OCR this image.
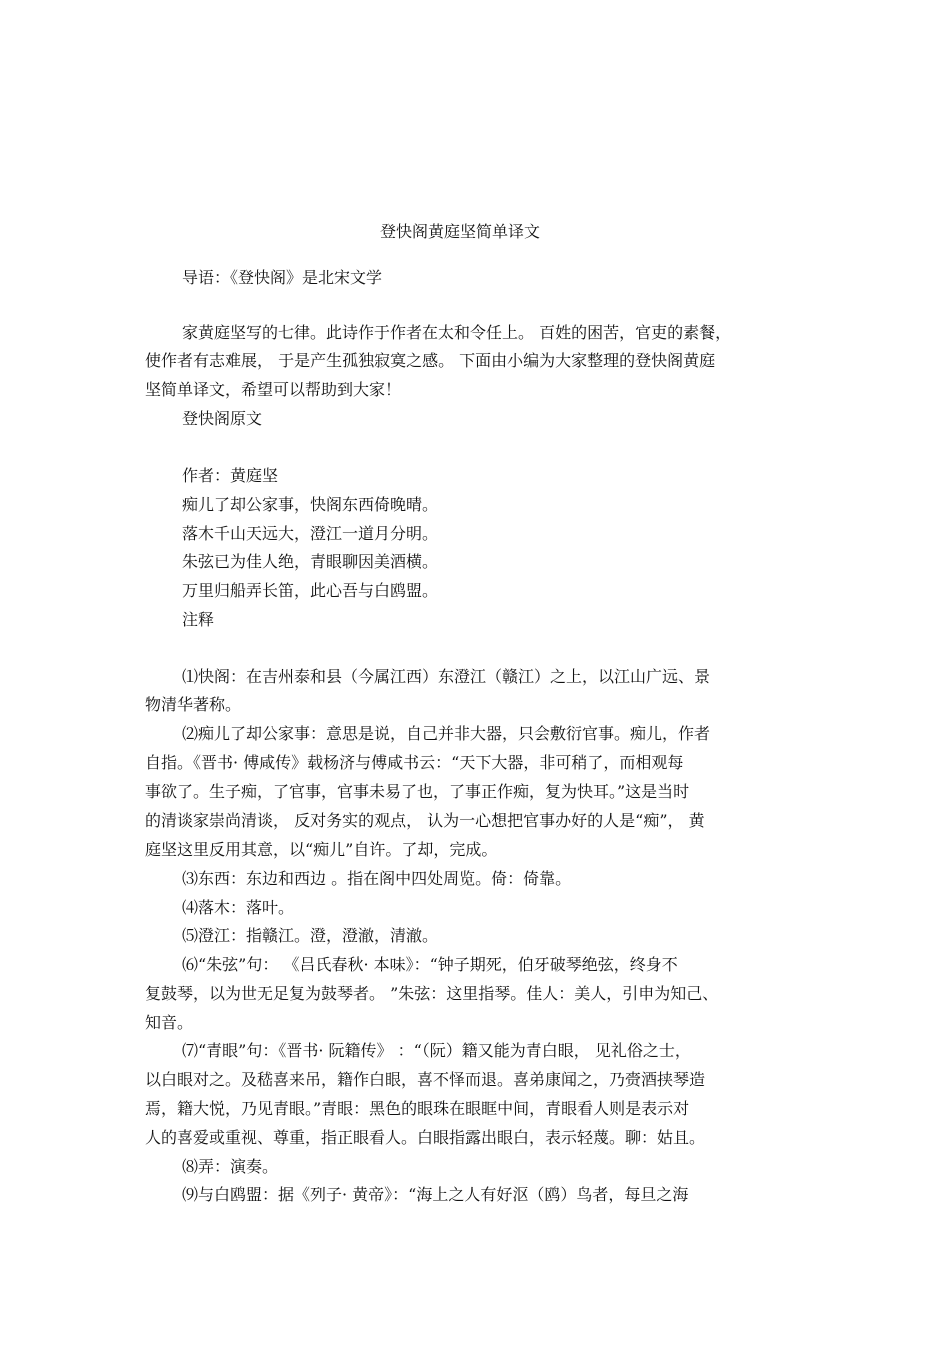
登快阁黄庭坚简单译文
导语：《登快阁》是北宋文学
家黄庭坚写的七律。此诗作于作者在太和令任上。 百姓的困苦，官吏的素餐，
使作者有志难展， 于是产生孤独寂寞之感。 下面由小编为大家整理的登快阁黄庭
坚简单译文，希望可以帮助到大家！
登快阁原文
作者：黄庭坚
痴儿了却公家事，快阁东西倚晚晴。
落木千山天远大，澄江一道月分明。
朱弦已为佳人绝，青眼聊因美酒横。
万里归船弄长笛，此心吾与白鸥盟。
注释
⑴快阁：在吉州泰和县（今属江西）东澄江（赣江）之上，以江山广远、景
物清华著称。
⑵痴儿了却公家事：意思是说，自己并非大器，只会敷衍官事。痴儿，作者
自指。《晋书· 傅咸传》载杨济与傅咸书云：“天下大器，非可稍了，而相观每
事欲了。生子痴，了官事，官事未易了也，了事正作痴，复为快耳。”这是当时
的清谈家崇尚清谈， 反对务实的观点， 认为一心想把官事办好的人是“痴”， 黄
庭坚这里反用其意，以“痴儿”自许。了却，完成。
⑶东西：东边和西边 。指在阁中四处周览。倚：倚靠。
⑷落木：落叶。
⑸澄江：指赣江。澄，澄澈，清澈。
⑹“朱弦”句： 《吕氏春秋· 本味》：“钟子期死，伯牙破琴绝弦，终身不
复鼓琴，以为世无足复为鼓琴者。 ”朱弦：这里指琴。佳人：美人，引申为知己、
知音。
⑺“青眼”句：《晋书· 阮籍传》 ：“（阮）籍又能为青白眼， 见礼俗之士，
以白眼对之。及嵇喜来吊，籍作白眼，喜不怿而退。喜弟康闻之，乃赍酒挟琴造
焉，籍大悦，乃见青眼。”青眼：黑色的眼珠在眼眶中间，青眼看人则是表示对
人的喜爱或重视、尊重，指正眼看人。白眼指露出眼白，表示轻蔑。聊：姑且。
⑻弄：演奏。
⑼与白鸥盟：据《列子· 黄帝》：“海上之人有好沤（鸥）鸟者，每旦之海
